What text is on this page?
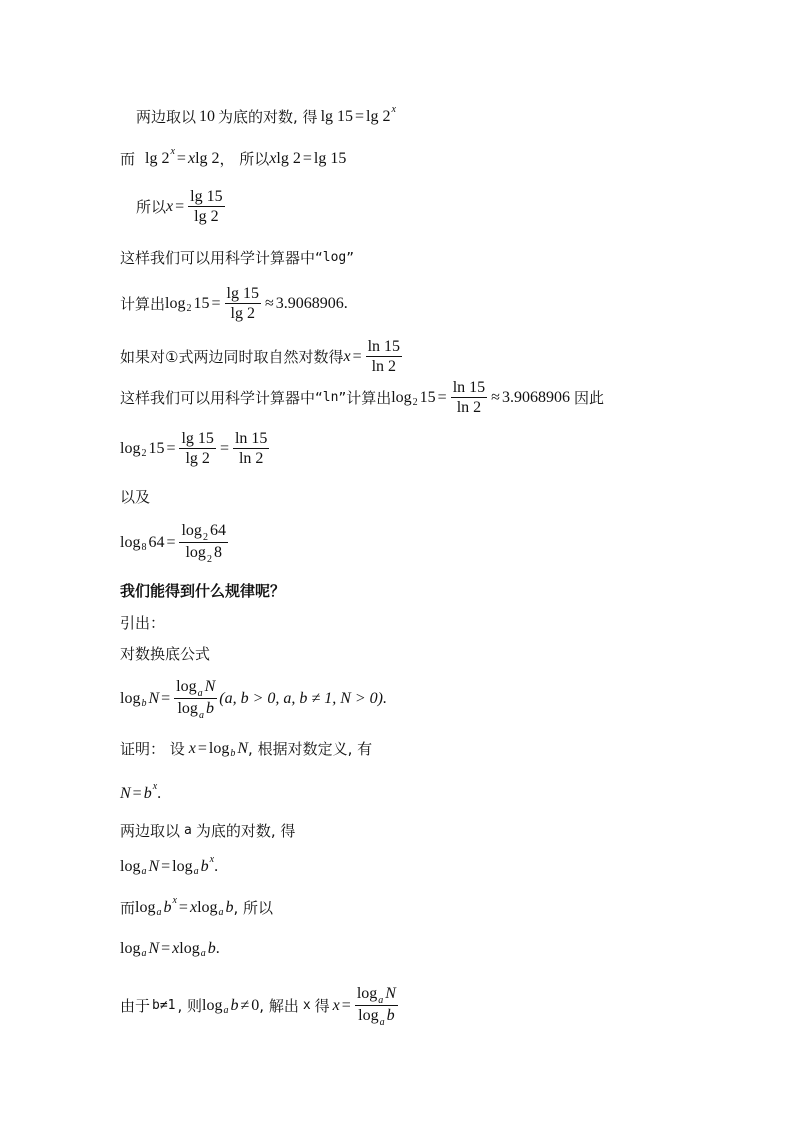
两边取以 10 为底的对数, 得 lg 15 = lg 2 x
而 lg 2 x = x lg 2 ， 所以 x lg 2 = lg 15
所以 $x = \frac{\lg 15}{\lg 2}$
这样我们可以用科学计算器中“ log ”
计算出 log 2 $15 = \frac{\lg 15}{\lg 2} \approx 3.9068906$.
如果对①式两边同时取自然对数得 $x = \frac{\ln 15}{\ln 2}$
这样我们可以用科学计算器中“ ln ”计算出 log 2 $15 = \frac{\ln 15}{\ln 2} \approx 3.9068906$ 因此
log 2 $15 = \frac{\lg 15}{\lg 2} = \frac{\ln 15}{\ln 2}$
以及
log 8 $64 = \frac{\log_2 64}{\log_2 8}$
我们能得到什么规律呢？
引出：
对数换底公式
log b $N = \frac{\log_a N}{\log_a b} (a$, b > 0, a, b ≠ 1, N > 0).
证明： 设 x = log b N , 根据对数定义, 有
N = b x .
两边取以 a 为底的对数, 得
log a N = log a b x .
而 log a b x = x log a b , 所以
log a N = x log a b .
由于 b≠1 , 则 log a b ≠ 0 , 解出 x 得 $x = \frac{\log_a N}{\log_a b}$
